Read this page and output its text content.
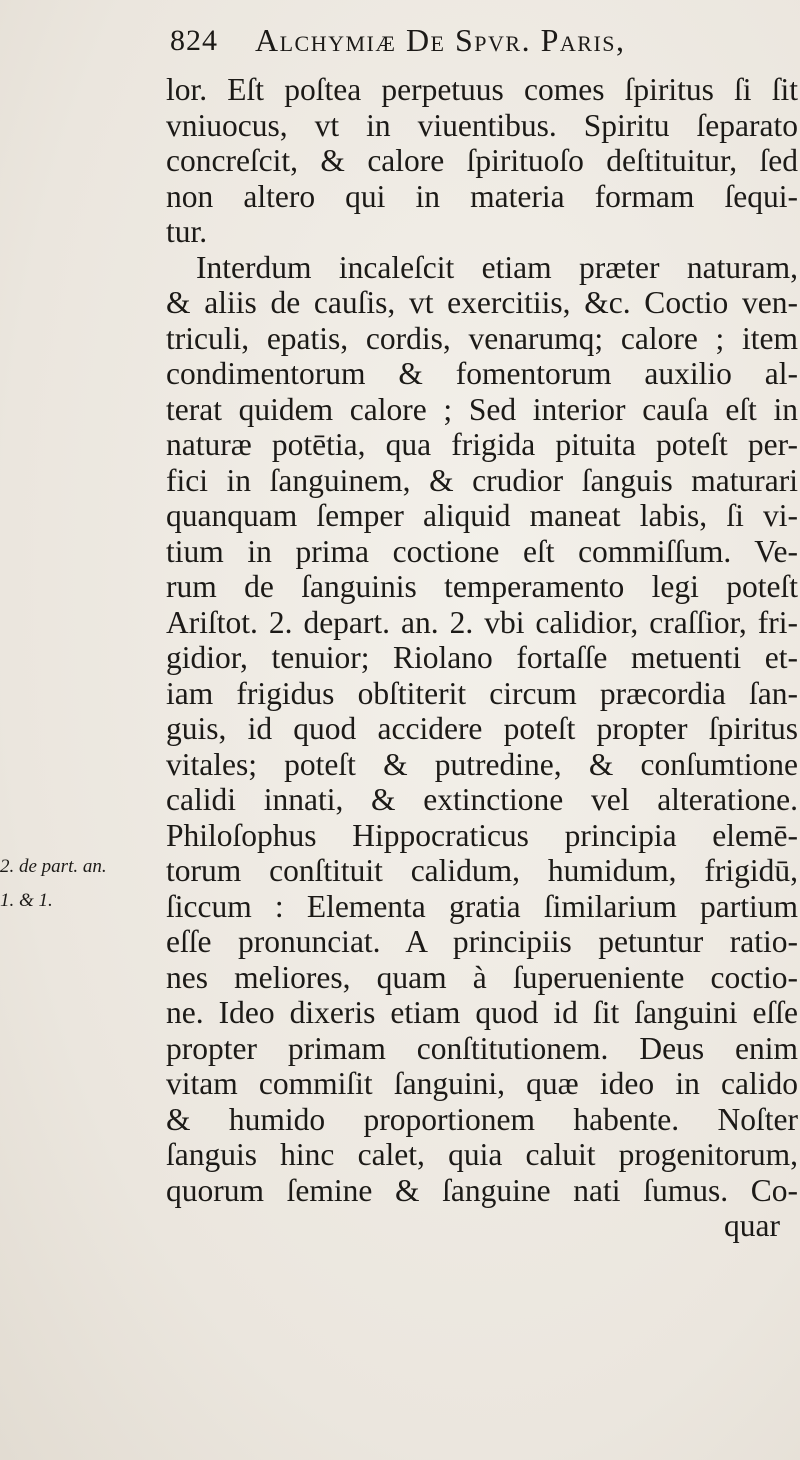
824 Alchymiæ De Spvr. Paris,
lor. Eſt poſtea perpetuus comes ſpiritus ſi ſit
vniuocus, vt in viuentibus. Spiritu ſeparato
concreſcit, & calore ſpirituoſo deſtituitur, ſed
non altero qui in materia formam ſequi-
tur.
Interdum incaleſcit etiam præter naturam,
& aliis de cauſis, vt exercitiis, &c. Coctio ven-
triculi, epatis, cordis, venarumq; calore ; item
condimentorum & fomentorum auxilio al-
terat quidem calore ; Sed interior cauſa eſt in
naturæ potētia, qua frigida pituita poteſt per-
fici in ſanguinem, & crudior ſanguis maturari
quanquam ſemper aliquid maneat labis, ſi vi-
tium in prima coctione eſt commiſſum. Ve-
rum de ſanguinis temperamento legi poteſt
Ariſtot. 2. depart. an. 2. vbi calidior, craſſior, fri-
gidior, tenuior; Riolano fortaſſe metuenti et-
iam frigidus obſtiterit circum præcordia ſan-
guis, id quod accidere poteſt propter ſpiritus
vitales; poteſt & putredine, & conſumtione
calidi innati, & extinctione vel alteratione.
Philoſophus Hippocraticus principia elemē-
torum conſtituit calidum, humidum, frigidū,
ſiccum : Elementa gratia ſimilarium partium
eſſe pronunciat. A principiis petuntur ratio-
nes meliores, quam à ſuperueniente coctio-
ne. Ideo dixeris etiam quod id ſit ſanguini eſſe
propter primam conſtitutionem. Deus enim
vitam commiſit ſanguini, quæ ideo in calido
& humido proportionem habente. Noſter
ſanguis hinc calet, quia caluit progenitorum,
quorum ſemine & ſanguine nati ſumus. Co-
quar
2. de part. an.
1. & 1.
